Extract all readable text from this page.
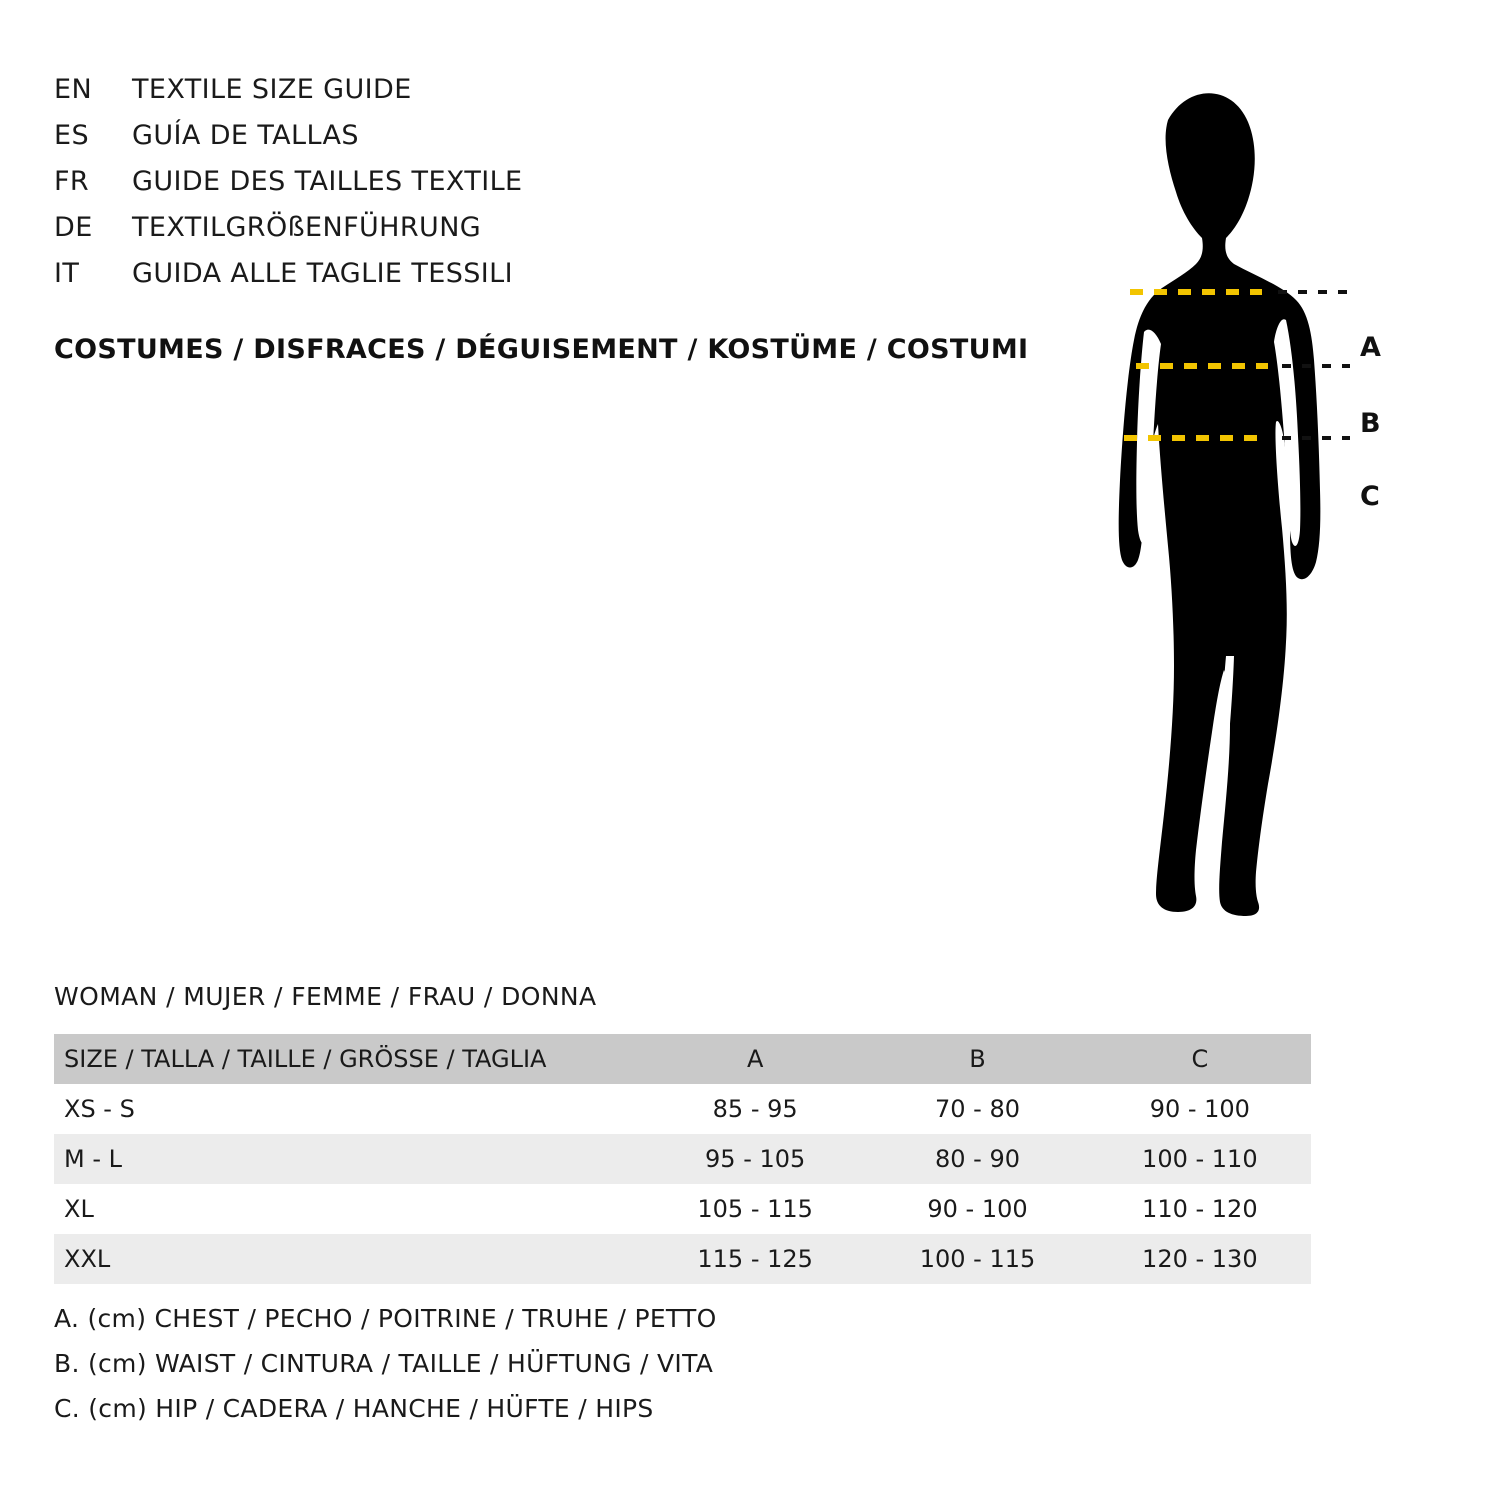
EN	TEXTILE SIZE GUIDE
ES	GUÍA DE TALLAS
FR	GUIDE DES TAILLES TEXTILE
DE	TEXTILGRÖßENFÜHRUNG
IT	GUIDA ALLE TAGLIE TESSILI
COSTUMES / DISFRACES / DÉGUISEMENT / KOSTÜME / COSTUMI	A
B
C
WOMAN / MUJER / FEMME / FRAU / DONNA
SIZE / TALLA / TAILLE / GRÖSSE / TAGLIA	A	B	C
XS - S	85 - 95	70 - 80	90 - 100
M - L	95 - 105	80 - 90	100 - 110
XL	105 - 115	90 - 100	110 - 120
XXL	115 - 125	100 - 115	120 - 130
A. (cm) CHEST / PECHO / POITRINE / TRUHE / PETTO
B. (cm) WAIST / CINTURA / TAILLE / HÜFTUNG / VITA
C. (cm) HIP / CADERA / HANCHE / HÜFTE / HIPS
